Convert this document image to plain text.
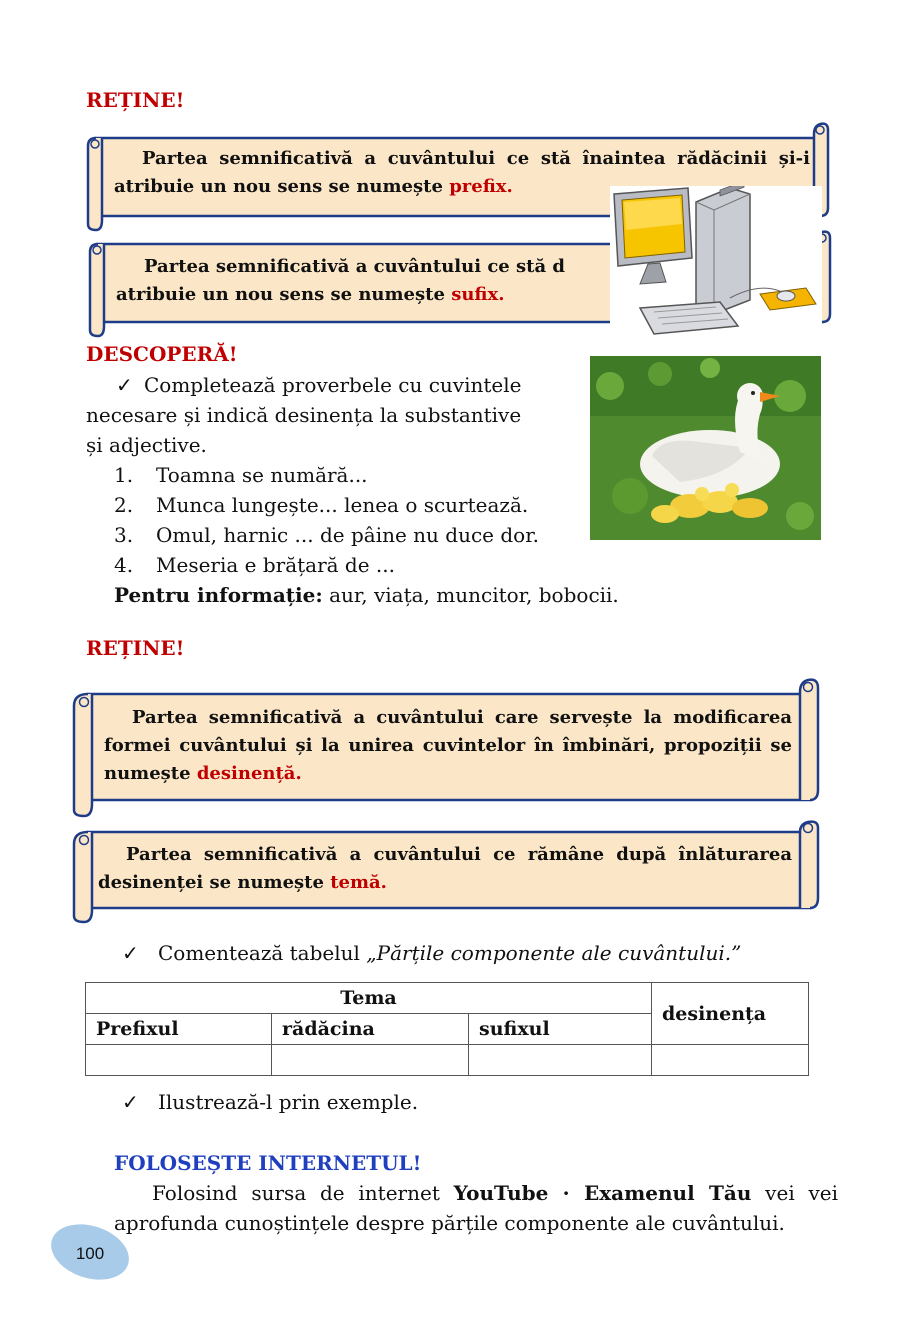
REȚINE!
Partea semnificativă a cuvântului ce stă înaintea rădăcinii și-i atribuie un nou sens se numește prefix.
Partea semnificativă a cuvântului ce stă d
atribuie un nou sens se numește sufix.
DESCOPERĂ!
✓ Completează proverbele cu cuvintele
necesare și indică desinența la substantive
și adjective.
1. Toamna se numără...
2. Munca lungește... lenea o scurtează.
3. Omul, harnic ... de pâine nu duce dor.
4. Meseria e brățară de ...
Pentru informație: aur, viața, muncitor, bobocii.
REȚINE!
Partea semnificativă a cuvântului care servește la modificarea formei cuvântului și la unirea cuvintelor în îmbinări, propoziții se numește desinență.
Partea semnificativă a cuvântului ce rămâne după înlăturarea desinenței se numește temă.
✓ Comentează tabelul „Părțile componente ale cuvântului.”
Tema			desinența
Prefixul	rădăcina	sufixul	

✓ Ilustrează-l prin exemple.
FOLOSEȘTE INTERNETUL!
Folosind sursa de internet YouTube · Examenul Tău vei vei aprofunda cunoștințele despre părțile componente ale cuvântului.
100
